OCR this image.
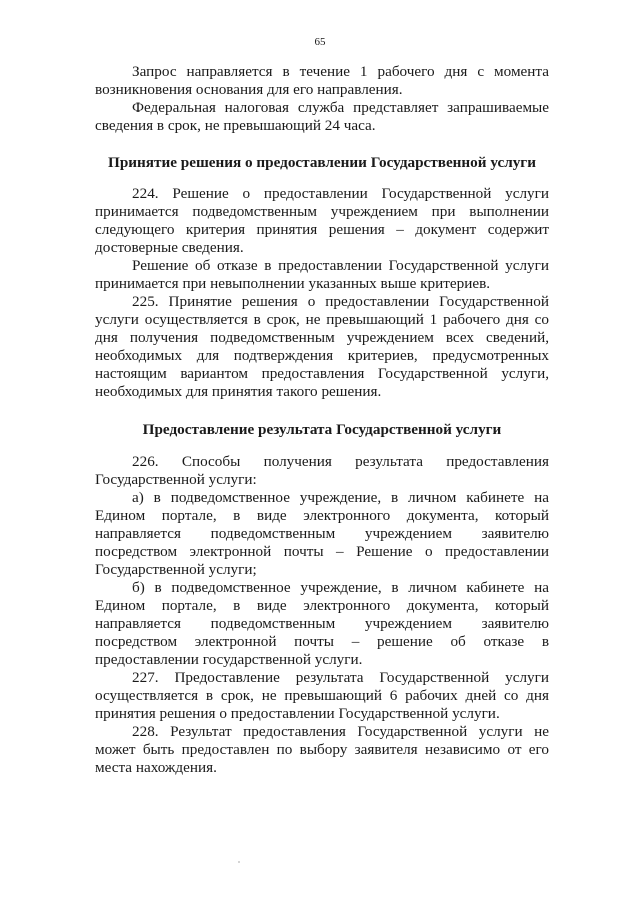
65

Запрос направляется в течение 1 рабочего дня с момента возникновения основания для его направления.

Федеральная налоговая служба представляет запрашиваемые сведения в срок, не превышающий 24 часа.

Принятие решения о предоставлении Государственной услуги

224. Решение о предоставлении Государственной услуги принимается подведомственным учреждением при выполнении следующего критерия принятия решения – документ содержит достоверные сведения.

Решение об отказе в предоставлении Государственной услуги принимается при невыполнении указанных выше критериев.

225. Принятие решения о предоставлении Государственной услуги осуществляется в срок, не превышающий 1 рабочего дня со дня получения подведомственным учреждением всех сведений, необходимых для подтверждения критериев, предусмотренных настоящим вариантом предоставления Государственной услуги, необходимых для принятия такого решения.

Предоставление результата Государственной услуги

226. Способы получения результата предоставления Государственной услуги:

а) в подведомственное учреждение, в личном кабинете на Едином портале, в виде электронного документа, который направляется подведомственным учреждением заявителю посредством электронной почты – Решение о предоставлении Государственной услуги;

б) в подведомственное учреждение, в личном кабинете на Едином портале, в виде электронного документа, который направляется подведомственным учреждением заявителю посредством электронной почты – решение об отказе в предоставлении государственной услуги.

227. Предоставление результата Государственной услуги осуществляется в срок, не превышающий 6 рабочих дней со дня принятия решения о предоставлении Государственной услуги.

228. Результат предоставления Государственной услуги не может быть предоставлен по выбору заявителя независимо от его места нахождения.
